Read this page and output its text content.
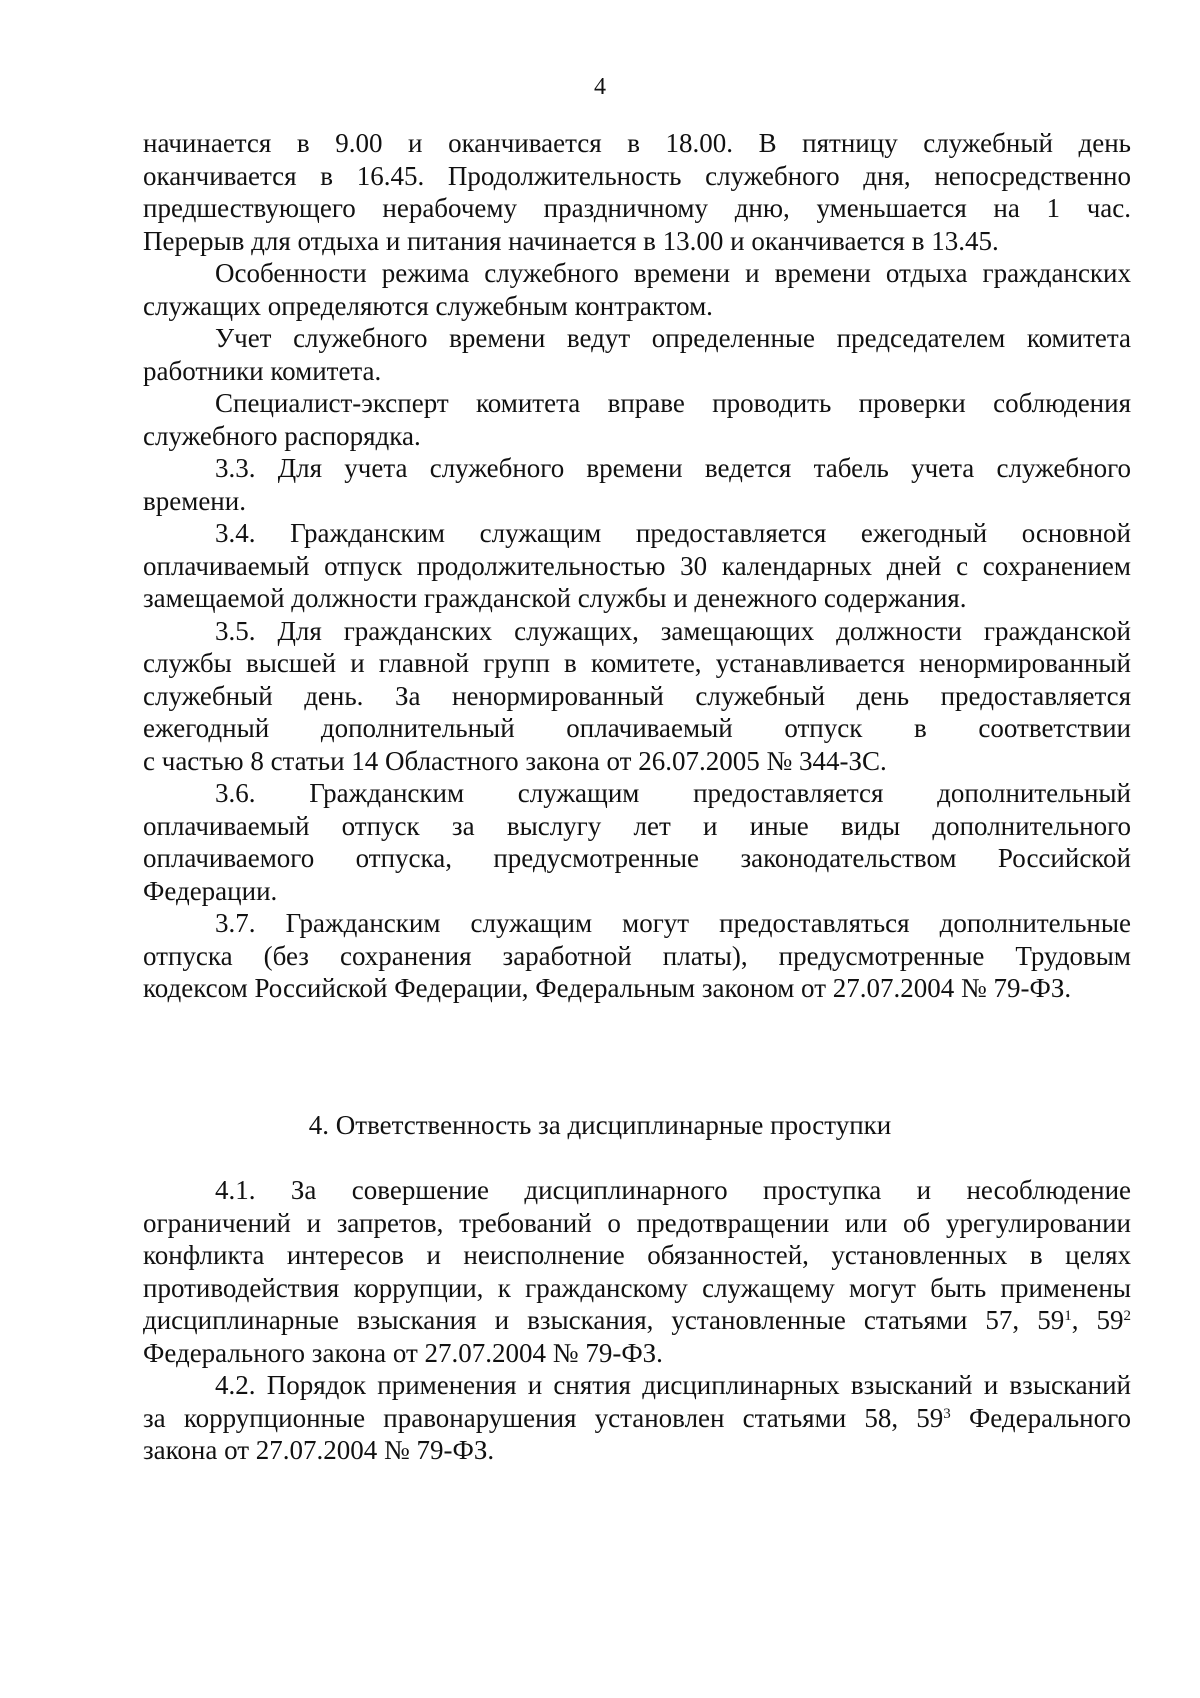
4
начинается в 9.00 и оканчивается в 18.00. В пятницу служебный день
оканчивается в 16.45. Продолжительность служебного дня, непосредственно
предшествующего нерабочему праздничному дню, уменьшается на 1 час.
Перерыв для отдыха и питания начинается в 13.00 и оканчивается в 13.45.
Особенности режима служебного времени и времени отдыха гражданских
служащих определяются служебным контрактом.
Учет служебного времени ведут определенные председателем комитета
работники комитета.
Специалист-эксперт комитета вправе проводить проверки соблюдения
служебного распорядка.
3.3. Для учета служебного времени ведется табель учета служебного
времени.
3.4. Гражданским служащим предоставляется ежегодный основной
оплачиваемый отпуск продолжительностью 30 календарных дней с сохранением
замещаемой должности гражданской службы и денежного содержания.
3.5. Для гражданских служащих, замещающих должности гражданской
службы высшей и главной групп в комитете, устанавливается ненормированный
служебный день. За ненормированный служебный день предоставляется
ежегодный дополнительный оплачиваемый отпуск в соответствии
с частью 8 статьи 14 Областного закона от 26.07.2005 № 344-ЗС.
3.6. Гражданским служащим предоставляется дополнительный
оплачиваемый отпуск за выслугу лет и иные виды дополнительного
оплачиваемого отпуска, предусмотренные законодательством Российской
Федерации.
3.7. Гражданским служащим могут предоставляться дополнительные
отпуска (без сохранения заработной платы), предусмотренные Трудовым
кодексом Российской Федерации, Федеральным законом от 27.07.2004 № 79-ФЗ.
4. Ответственность за дисциплинарные проступки
4.1. За совершение дисциплинарного проступка и несоблюдение
ограничений и запретов, требований о предотвращении или об урегулировании
конфликта интересов и неисполнение обязанностей, установленных в целях
противодействия коррупции, к гражданскому служащему могут быть применены
дисциплинарные взыскания и взыскания, установленные статьями 57, $59^1$, $59^2$
Федерального закона от 27.07.2004 № 79-ФЗ.
4.2. Порядок применения и снятия дисциплинарных взысканий и взысканий
за коррупционные правонарушения установлен статьями 58, $59^3$ Федерального
закона от 27.07.2004 № 79-ФЗ.
